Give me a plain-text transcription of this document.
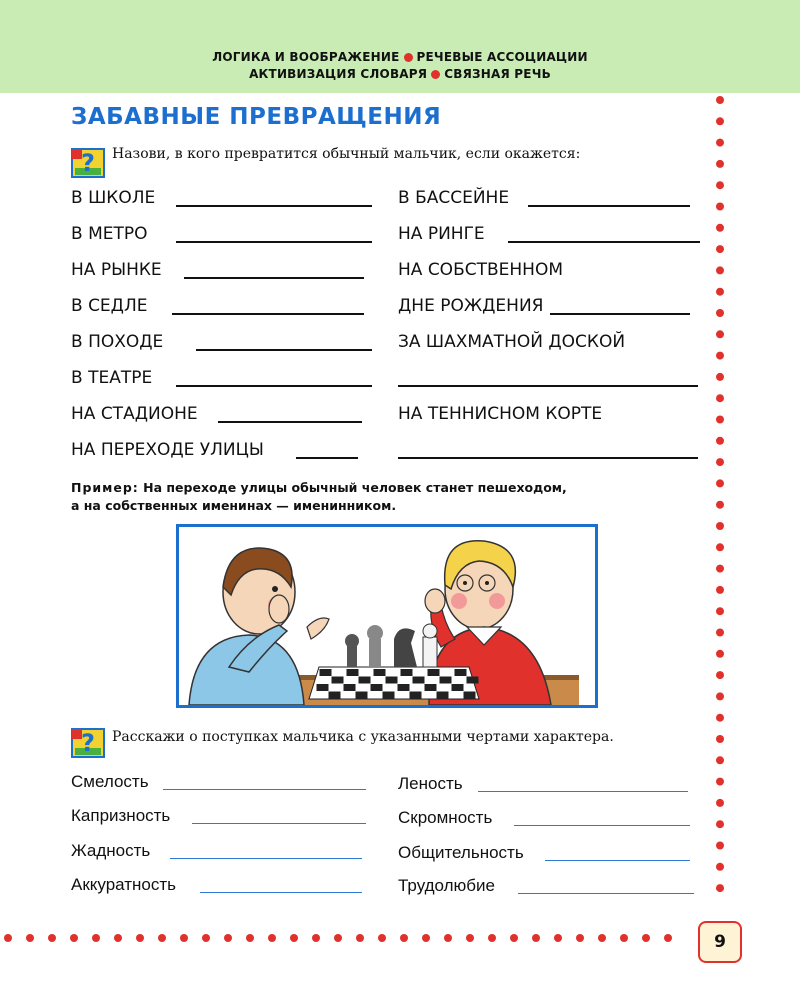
ЛОГИКА И ВООБРАЖЕНИЕ РЕЧЕВЫЕ АССОЦИАЦИИ
АКТИВИЗАЦИЯ СЛОВАРЯ СВЯЗНАЯ РЕЧЬ
ЗАБАВНЫЕ ПРЕВРАЩЕНИЯ
? Назови, в кого превратится обычный мальчик, если окажется:
В ШКОЛЕ
В МЕТРО
НА РЫНКЕ
В СЕДЛЕ
В ПОХОДЕ
В ТЕАТРЕ
НА СТАДИОНЕ
НА ПЕРЕХОДЕ УЛИЦЫ
В БАССЕЙНЕ
НА РИНГЕ
НА СОБСТВЕННОМ
ДНЕ РОЖДЕНИЯ
ЗА ШАХМАТНОЙ ДОСКОЙ
НА ТЕННИСНОМ КОРТЕ
Пример: На переходе улицы обычный человек станет пешеходом,
а на собственных именинах — именинником.
? Расскажи о поступках мальчика с указанными чертами характера.
Смелость
Капризность
Жадность
Аккуратность
Леность
Скромность
Общительность
Трудолюбие
9
